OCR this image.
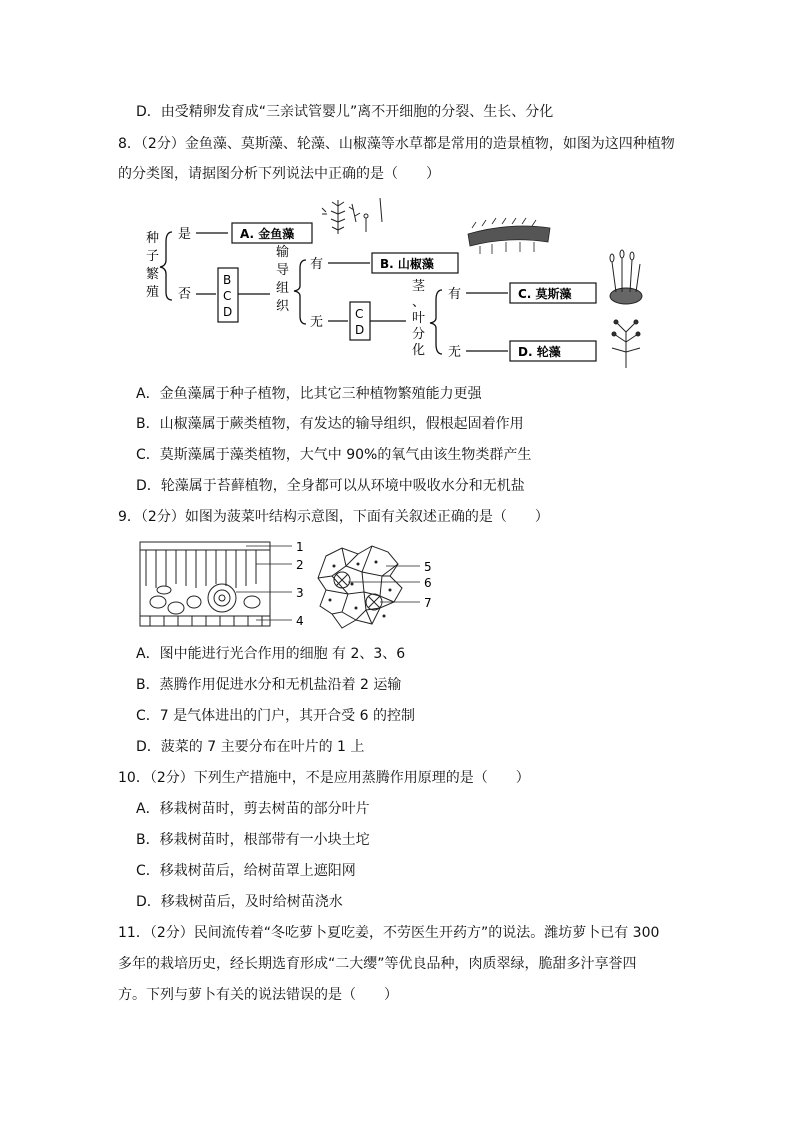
D．由受精卵发育成“三亲试管婴儿”离不开细胞的分裂、生长、分化
8．（2分）金鱼藻、莫斯藻、轮藻、山椒藻等水草都是常用的造景植物，如图为这四种植物
的分类图，请据图分析下列说法中正确的是（　　）
种
子
繁
殖
是	A. 金鱼藻
否
B
C
D
输
导
组
织
有	B. 山椒藻
无
C
D
茎
、
叶
分
化
有	C. 莫斯藻
无	D. 轮藻
A．金鱼藻属于种子植物，比其它三种植物繁殖能力更强
B．山椒藻属于蕨类植物，有发达的输导组织，假根起固着作用
C．莫斯藻属于藻类植物，大气中 90%的氧气由该生物类群产生
D．轮藻属于苔藓植物，全身都可以从环境中吸收水分和无机盐
9．（2分）如图为菠菜叶结构示意图，下面有关叙述正确的是（　　）
1
2
3
4
5
6
7
A．图中能进行光合作用的细胞 有 2、3、6
B．蒸腾作用促进水分和无机盐沿着 2 运输
C．7 是气体进出的门户，其开合受 6 的控制
D．菠菜的 7 主要分布在叶片的 1 上
10．（2分）下列生产措施中，不是应用蒸腾作用原理的是（　　）
A．移栽树苗时，剪去树苗的部分叶片
B．移栽树苗时，根部带有一小块土坨
C．移栽树苗后，给树苗罩上遮阳网
D．移栽树苗后，及时给树苗浇水
11．（2分）民间流传着“冬吃萝卜夏吃姜，不劳医生开药方”的说法。潍坊萝卜已有 300
多年的栽培历史，经长期选育形成“二大缨”等优良品种，肉质翠绿，脆甜多汁享誉四
方。下列与萝卜有关的说法错误的是（　　）
